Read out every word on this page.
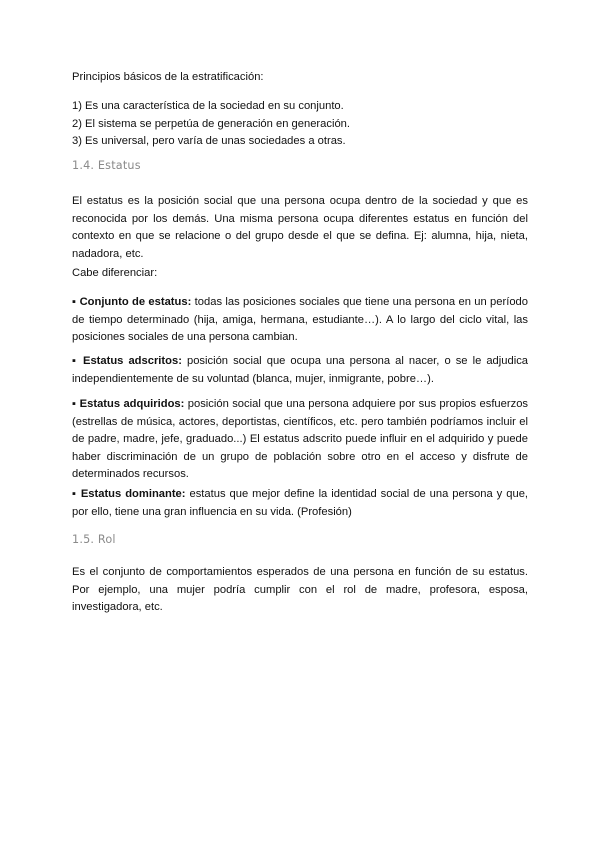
Principios básicos de la estratificación:

1) Es una característica de la sociedad en su conjunto.

2) El sistema se perpetúa de generación en generación.

3) Es universal, pero varía de unas sociedades a otras.

1.4. Estatus

El estatus es la posición social que una persona ocupa dentro de la sociedad y que es reconocida por los demás. Una misma persona ocupa diferentes estatus en función del contexto en que se relacione o del grupo desde el que se defina. Ej: alumna, hija, nieta, nadadora, etc.

Cabe diferenciar:

▪ Conjunto de estatus: todas las posiciones sociales que tiene una persona en un período de tiempo determinado (hija, amiga, hermana, estudiante…). A lo largo del ciclo vital, las posiciones sociales de una persona cambian.

▪ Estatus adscritos: posición social que ocupa una persona al nacer, o se le adjudica independientemente de su voluntad (blanca, mujer, inmigrante, pobre…).

▪ Estatus adquiridos: posición social que una persona adquiere por sus propios esfuerzos (estrellas de música, actores, deportistas, científicos, etc. pero también podríamos incluir el de padre, madre, jefe, graduado...) El estatus adscrito puede influir en el adquirido y puede haber discriminación de un grupo de población sobre otro en el acceso y disfrute de determinados recursos.

▪ Estatus dominante: estatus que mejor define la identidad social de una persona y que, por ello, tiene una gran influencia en su vida. (Profesión)

1.5. Rol

Es el conjunto de comportamientos esperados de una persona en función de su estatus. Por ejemplo, una mujer podría cumplir con el rol de madre, profesora, esposa, investigadora, etc.
